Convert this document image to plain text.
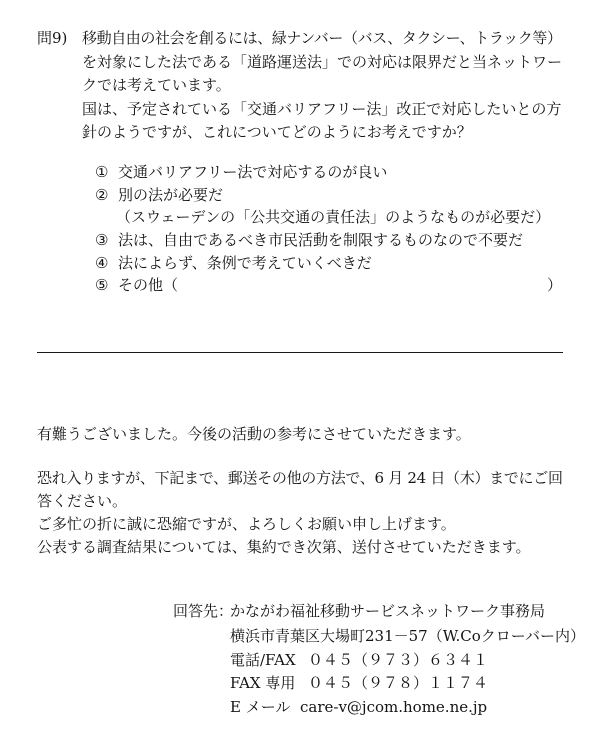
問9) 移動自由の社会を創るには、緑ナンバー（バス、タクシー、トラック等）
を対象にした法である「道路運送法」での対応は限界だと当ネットワー
クでは考えています。
国は、予定されている「交通バリアフリー法」改正で対応したいとの方
針のようですが、これについてどのようにお考えですか？
① 交通バリアフリー法で対応するのが良い
② 別の法が必要だ
（スウェーデンの「公共交通の責任法」のようなものが必要だ）
③ 法は、自由であるべき市民活動を制限するものなので不要だ
④ 法によらず、条例で考えていくべきだ
⑤ その他（	）
有難うございました。今後の活動の参考にさせていただきます。
恐れ入りますが、下記まで、郵送その他の方法で、6 月 24 日（木）までにご回
答ください。
ご多忙の折に誠に恐縮ですが、よろしくお願い申し上げます。
公表する調査結果については、集約でき次第、送付させていただきます。
回答先：
かながわ福祉移動サービスネットワーク事務局
横浜市青葉区大場町231－57（W.Coクローバー内）
電話/FAX ０４５（９７３）６３４１
FAX 専用 ０４５（９７８）１１７４
E メール care-v@jcom.home.ne.jp
